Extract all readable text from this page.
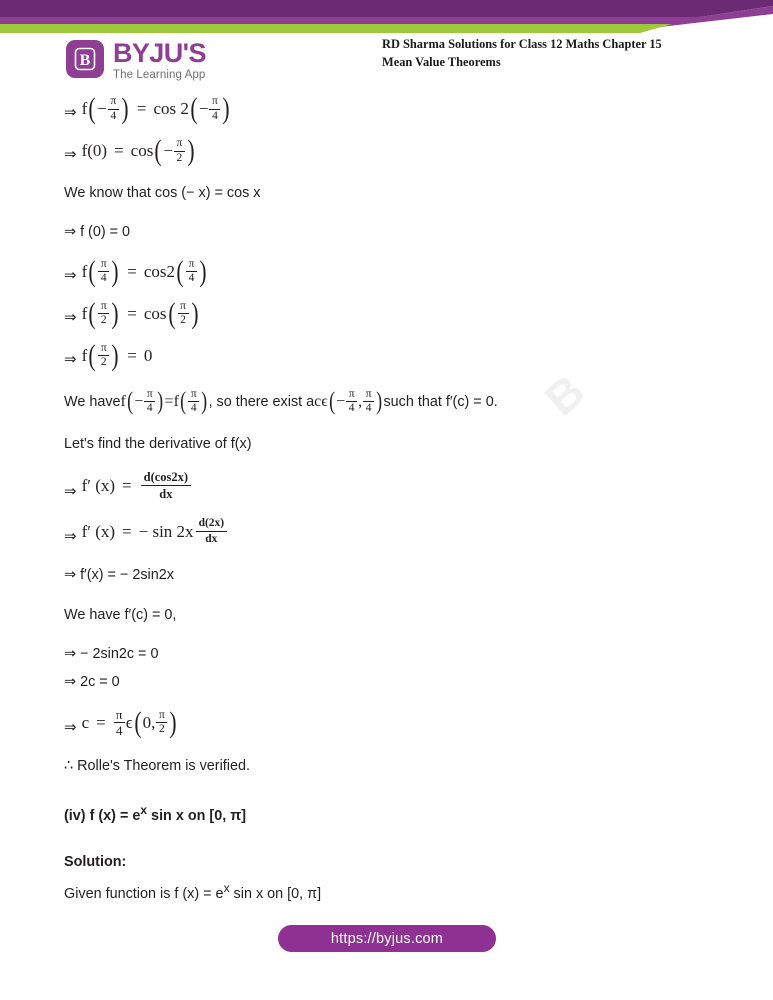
B BYJU'S
The Learning App
RD Sharma Solutions for Class 12 Maths Chapter 15
Mean Value Theorems
B
⇒ f ( − $\frac{\pi}{4}$ ) = cos 2 ( − $\frac{\pi}{4}$ )
⇒ f(0) = cos ( − $\frac{\pi}{2}$ )
We know that cos (− x) = cos x
⇒ f (0) = 0
⇒ f ( $\frac{\pi}{4}$ ) = cos2 ( $\frac{\pi}{4}$ )
⇒ f ( $\frac{\pi}{2}$ ) = cos ( $\frac{\pi}{2}$ )
⇒ f ( $\frac{\pi}{2}$ ) = 0
We have f ( − $\frac{\pi}{4}$ ) = f ( $\frac{\pi}{4}$ ) , so there exist a c ϵ ( − $\frac{\pi}{4}$ , $\frac{\pi}{4}$ ) such that f′(c) = 0.
Let's find the derivative of f(x)
⇒ f′ $(x) = \frac{d(\cos 2x)}{dx}$
⇒ f′ (x) = − $\sin 2x \frac{d(2x)}{dx}$
⇒ f′(x) = − 2sin2x
We have f′(c) = 0,
⇒ − 2sin2c = 0
⇒ 2c = 0
⇒ $c = \frac{\pi}{4}$ ϵ ( 0, $\frac{\pi}{2}$ )
∴ Rolle's Theorem is verified.
(iv) f $(x) = e^x$ sin x on [0, π]
Solution:
Given function is f $(x) = e^x$ sin x on [0, π]
https://byjus.com
